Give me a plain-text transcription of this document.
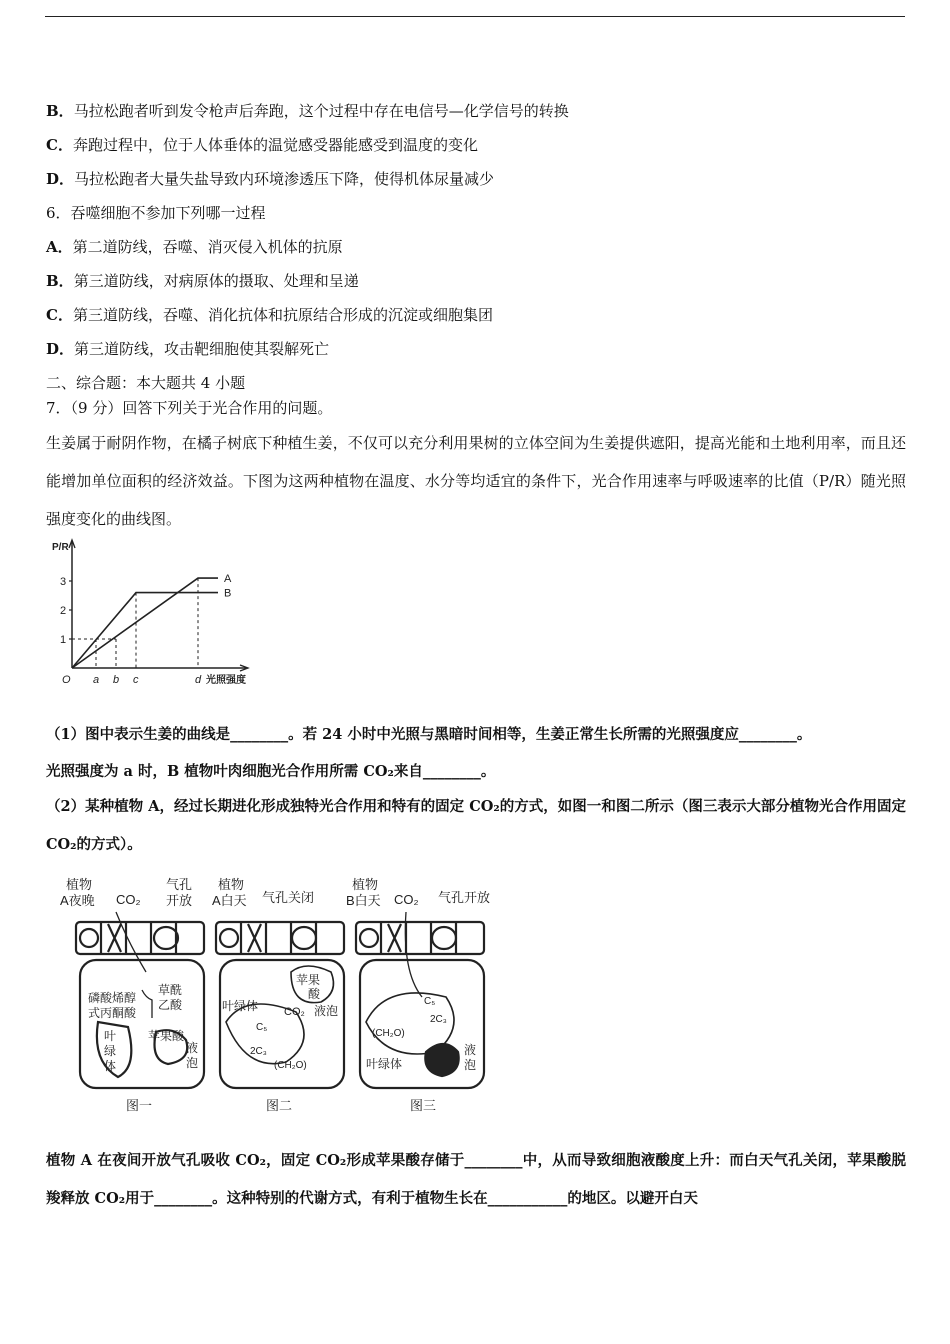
B．马拉松跑者听到发令枪声后奔跑，这个过程中存在电信号—化学信号的转换
C．奔跑过程中，位于人体垂体的温觉感受器能感受到温度的变化
D．马拉松跑者大量失盐导致内环境渗透压下降，使得机体尿量减少
6．吞噬细胞不参加下列哪一过程
A．第二道防线，吞噬、消灭侵入机体的抗原
B．第三道防线，对病原体的摄取、处理和呈递
C．第三道防线，吞噬、消化抗体和抗原结合形成的沉淀或细胞集团
D．第三道防线，攻击靶细胞使其裂解死亡
二、综合题：本大题共 4 小题
7．（9 分）回答下列关于光合作用的问题。
生姜属于耐阴作物，在橘子树底下种植生姜，不仅可以充分利用果树的立体空间为生姜提供遮阳，提高光能和土地利用率，而且还能增加单位面积的经济效益。下图为这两种植物在温度、水分等均适宜的条件下，光合作用速率与呼吸速率的比值（P/R）随光照强度变化的曲线图。
P/R
1
2
3
O a b c	d 光照强度
A
B
（1）图中表示生姜的曲线是________。若 24 小时中光照与黑暗时间相等，生姜正常生长所需的光照强度应________。
光照强度为 a 时，B 植物叶肉细胞光合作用所需 CO₂来自________。
（2）某种植物 A，经过长期进化形成独特光合作用和特有的固定 CO₂的方式，如图一和图二所示（图三表示大部分植物光合作用固定 CO₂的方式）。
植物
A夜晚 CO₂
气孔
开放
磷酸烯醇
式丙酮酸
草酰
乙酸
苹果酸
叶
绿
体
液
泡
图一
植物
A白天 气孔关闭
苹果
酸
CO₂ 液泡
叶绿体
C₅
2C₃
(CH₂O)
图二
植物
B白天 CO₂ 气孔开放
C₅
2C₃
(CH₂O)
叶绿体
液
泡
图三
植物 A 在夜间开放气孔吸收 CO₂，固定 CO₂形成苹果酸存储于________中，从而导致细胞液酸度上升：而白天气孔关闭，苹果酸脱羧释放 CO₂用于________。这种特别的代谢方式，有利于植物生长在___________的地区。以避开白天
